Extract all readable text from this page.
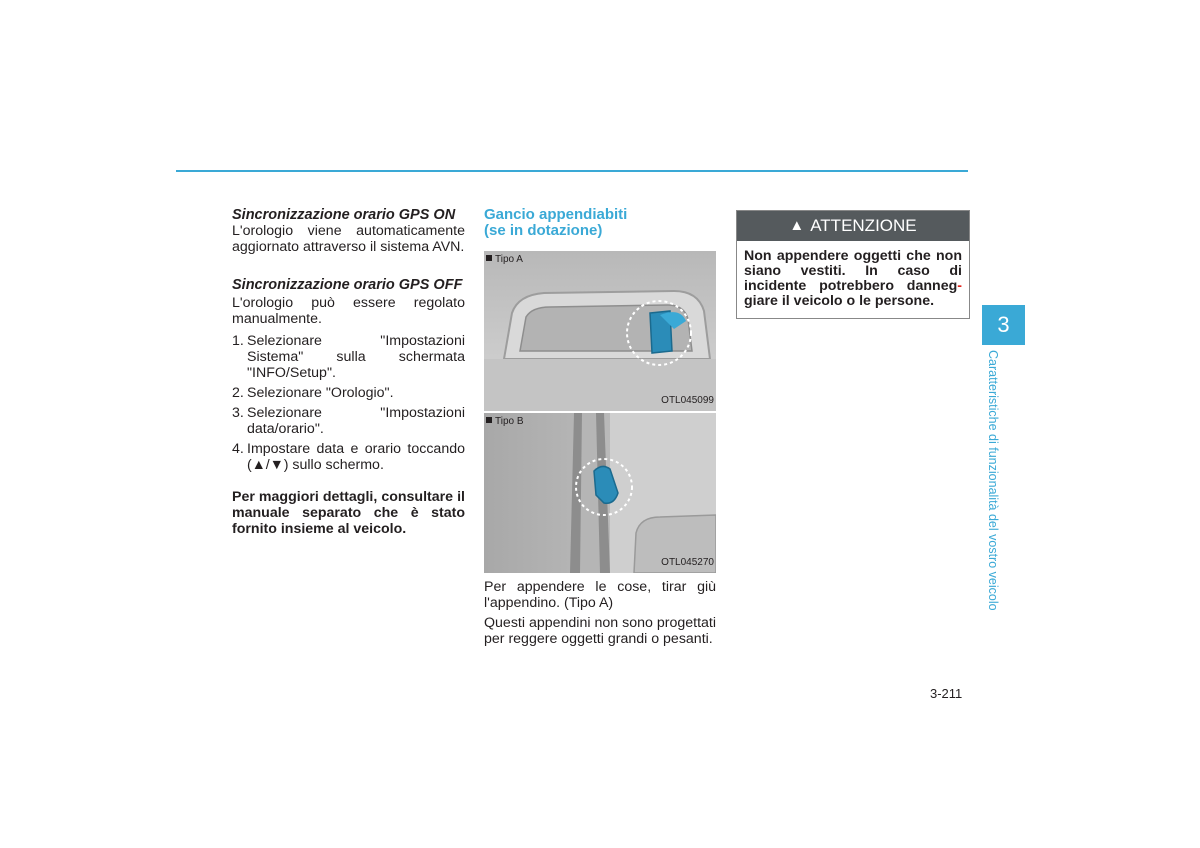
Sincronizzazione orario GPS ON

L'orologio viene automaticamente aggiornato attraverso il sistema AVN.

Sincronizzazione orario GPS OFF

L'orologio può essere regolato manualmente.

1. Selezionare "Impostazioni Sistema" sulla schermata "INFO/Setup".
2. Selezionare "Orologio".
3. Selezionare "Impostazioni data/orario".
4. Impostare data e orario toccando (▲/▼) sullo schermo.

Per maggiori dettagli, consultare il manuale separato che è stato fornito insieme al veicolo.

Gancio appendiabiti
(se in dotazione)
Tipo A
OTL045099
Tipo B
OTL045270

Per appendere le cose, tirar giù l'appendino. (Tipo A)

Questi appendini non sono progettati per reggere oggetti grandi o pesanti.

▲ ATTENZIONE
Non appendere oggetti che non siano vestiti. In caso di incidente potrebbero danneg- giare il veicolo o le persone.
3
Caratteristiche di funzionalità del vostro veicolo
3-211
